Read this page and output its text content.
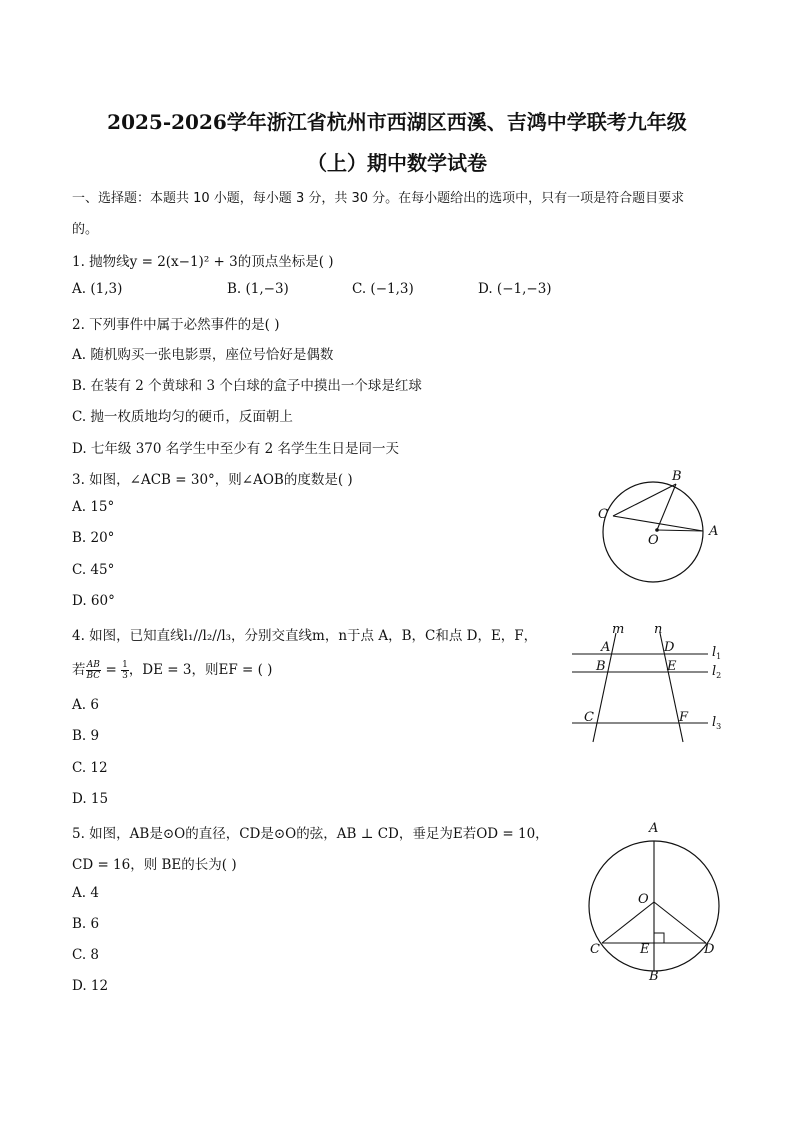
2025-2026学年浙江省杭州市西湖区西溪、吉鸿中学联考九年级
（上）期中数学试卷
一、选择题：本题共 10 小题，每小题 3 分，共 30 分。在每小题给出的选项中，只有一项是符合题目要求
的。
1. 抛物线y = 2(x−1)² + 3的顶点坐标是( )
A. (1,3)	B. (1,−3)	C. (−1,3)	D. (−1,−3)
2. 下列事件中属于必然事件的是( )
A. 随机购买一张电影票，座位号恰好是偶数
B. 在装有 2 个黄球和 3 个白球的盒子中摸出一个球是红球
C. 抛一枚质地均匀的硬币，反面朝上
D. 七年级 370 名学生中至少有 2 名学生生日是同一天
3. 如图，∠ACB = 30°，则∠AOB的度数是( )
A. 15°
B. 20°
C. 45°
D. 60°
B
C
O
A
4. 如图，已知直线l₁//l₂//l₃，分别交直线m，n于点 A，B，C和点 D，E，F，
若 $\frac{AB}{BC} = \frac{1}{3}$ ，DE = 3，则EF = ( )
A. 6
B. 9
C. 12
D. 15
m n
A	D
B	E
C	F
$l_1$
$l_2$
$l_3$
5. 如图，AB是⊙O的直径，CD是⊙O的弦，AB ⊥ CD，垂足为E若OD = 10，
CD = 16，则 BE的长为( )
A. 4
B. 6
C. 8
D. 12
A
O
C	E	D
B
